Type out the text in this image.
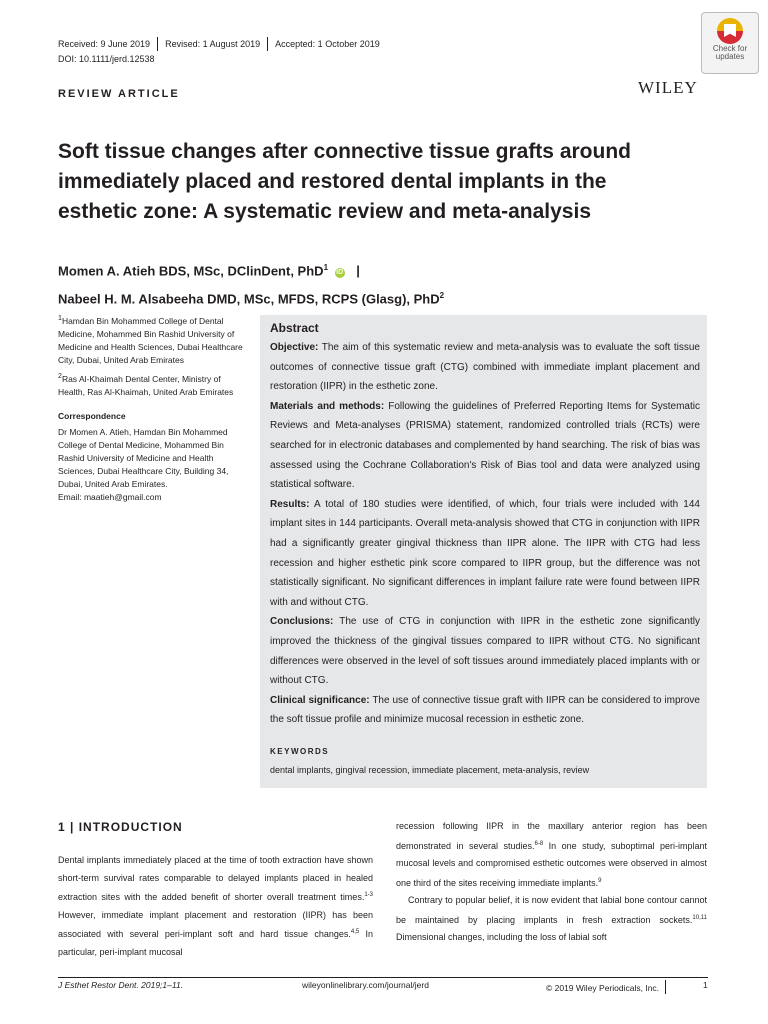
Received: 9 June 2019 Revised: 1 August 2019 Accepted: 1 October 2019
DOI: 10.1111/jerd.12538
Check for
updates
WILEY
REVIEW ARTICLE
Soft tissue changes after connective tissue grafts around immediately placed and restored dental implants in the esthetic zone: A systematic review and meta-analysis
Momen A. Atieh BDS, MSc, DClinDent, PhD$^1$ iD |
Nabeel H. M. Alsabeeha DMD, MSc, MFDS, RCPS (Glasg), PhD$^2$

$^1$Hamdan Bin Mohammed College of Dental Medicine, Mohammed Bin Rashid University of Medicine and Health Sciences, Dubai Healthcare City, Dubai, United Arab Emirates

$^2$Ras Al-Khaimah Dental Center, Ministry of Health, Ras Al-Khaimah, United Arab Emirates

Correspondence

Dr Momen A. Atieh, Hamdan Bin Mohammed College of Dental Medicine, Mohammed Bin Rashid University of Medicine and Health Sciences, Dubai Healthcare City, Building 34, Dubai, United Arab Emirates.

Email: maatieh@gmail.com

Abstract

Objective: The aim of this systematic review and meta-analysis was to evaluate the soft tissue outcomes of connective tissue graft (CTG) combined with immediate implant placement and restoration (IIPR) in the esthetic zone.

Materials and methods: Following the guidelines of Preferred Reporting Items for Systematic Reviews and Meta-analyses (PRISMA) statement, randomized controlled trials (RCTs) were searched for in electronic databases and complemented by hand searching. The risk of bias was assessed using the Cochrane Collaboration's Risk of Bias tool and data were analyzed using statistical software.

Results: A total of 180 studies were identified, of which, four trials were included with 144 implant sites in 144 participants. Overall meta-analysis showed that CTG in conjunction with IIPR had a significantly greater gingival thickness than IIPR alone. The IIPR with CTG had less recession and higher esthetic pink score compared to IIPR group, but the difference was not statistically significant. No significant differences in implant failure rate were found between IIPR with and without CTG.

Conclusions: The use of CTG in conjunction with IIPR in the esthetic zone significantly improved the thickness of the gingival tissues compared to IIPR without CTG. No significant differences were observed in the level of soft tissues around immediately placed implants with or without CTG.

Clinical significance: The use of connective tissue graft with IIPR can be considered to improve the soft tissue profile and minimize mucosal recession in esthetic zone.

KEYWORDS
dental implants, gingival recession, immediate placement, meta-analysis, review
1 | INTRODUCTION

Dental implants immediately placed at the time of tooth extraction have shown short-term survival rates comparable to delayed implants placed in healed extraction sites with the added benefit of shorter overall treatment times.$^{1-3}$ However, immediate implant placement and restoration (IIPR) has been associated with several peri-implant soft and hard tissue changes.$^{4,5}$ In particular, peri-implant mucosal

recession following IIPR in the maxillary anterior region has been demonstrated in several studies.$^{6-8}$ In one study, suboptimal peri-implant mucosal levels and compromised esthetic outcomes were observed in almost one third of the sites receiving immediate implants.$^9$

Contrary to popular belief, it is now evident that labial bone contour cannot be maintained by placing implants in fresh extraction sockets.$^{10,11}$ Dimensional changes, including the loss of labial soft

J Esthet Restor Dent. 2019;1–11.	wileyonlinelibrary.com/journal/jerd	© 2019 Wiley Periodicals, Inc.	1
